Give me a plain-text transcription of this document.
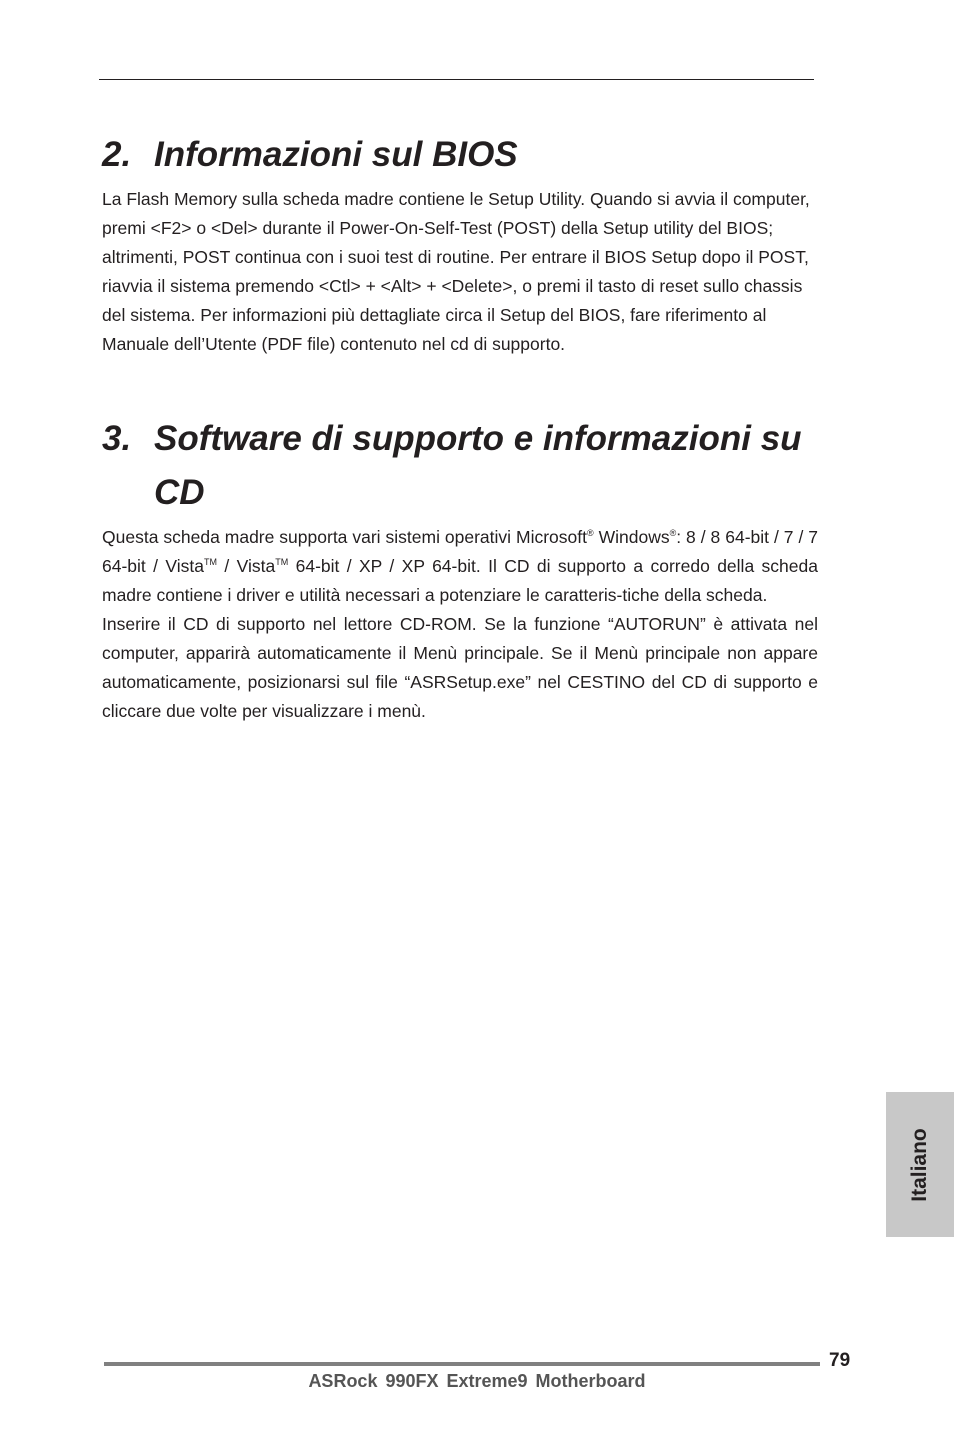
2. Informazioni sul BIOS

La Flash Memory sulla scheda madre contiene le Setup Utility. Quando si avvia il computer, premi <F2> o <Del> durante il Power-On-Self-Test (POST) della Setup utility del BIOS; altrimenti, POST continua con i suoi test di routine. Per entrare il BIOS Setup dopo il POST, riavvia il sistema premendo <Ctl> + <Alt> + <Delete>, o premi il tasto di reset sullo chassis del sistema. Per informazioni più dettagliate circa il Setup del BIOS, fare riferimento al Manuale dell’Utente (PDF file) contenuto nel cd di supporto.

3. Software di supporto e informazioni su CD

Questa scheda madre supporta vari sistemi operativi Microsoft® Windows®: 8 / 8 64-bit / 7 / 7 64-bit / Vista™ / Vista™ 64-bit / XP / XP 64-bit. Il CD di supporto a corredo della scheda madre contiene i driver e utilità necessari a potenziare le caratteris-tiche della scheda.

Inserire il CD di supporto nel lettore CD-ROM. Se la funzione “AUTORUN” è attivata nel computer, apparirà automaticamente il Menù principale. Se il Menù principale non appare automaticamente, posizionarsi sul file “ASRSetup.exe” nel CESTINO del CD di supporto e cliccare due volte per visualizzare i menù.

Italiano
79
ASRock 990FX Extreme9 Motherboard
